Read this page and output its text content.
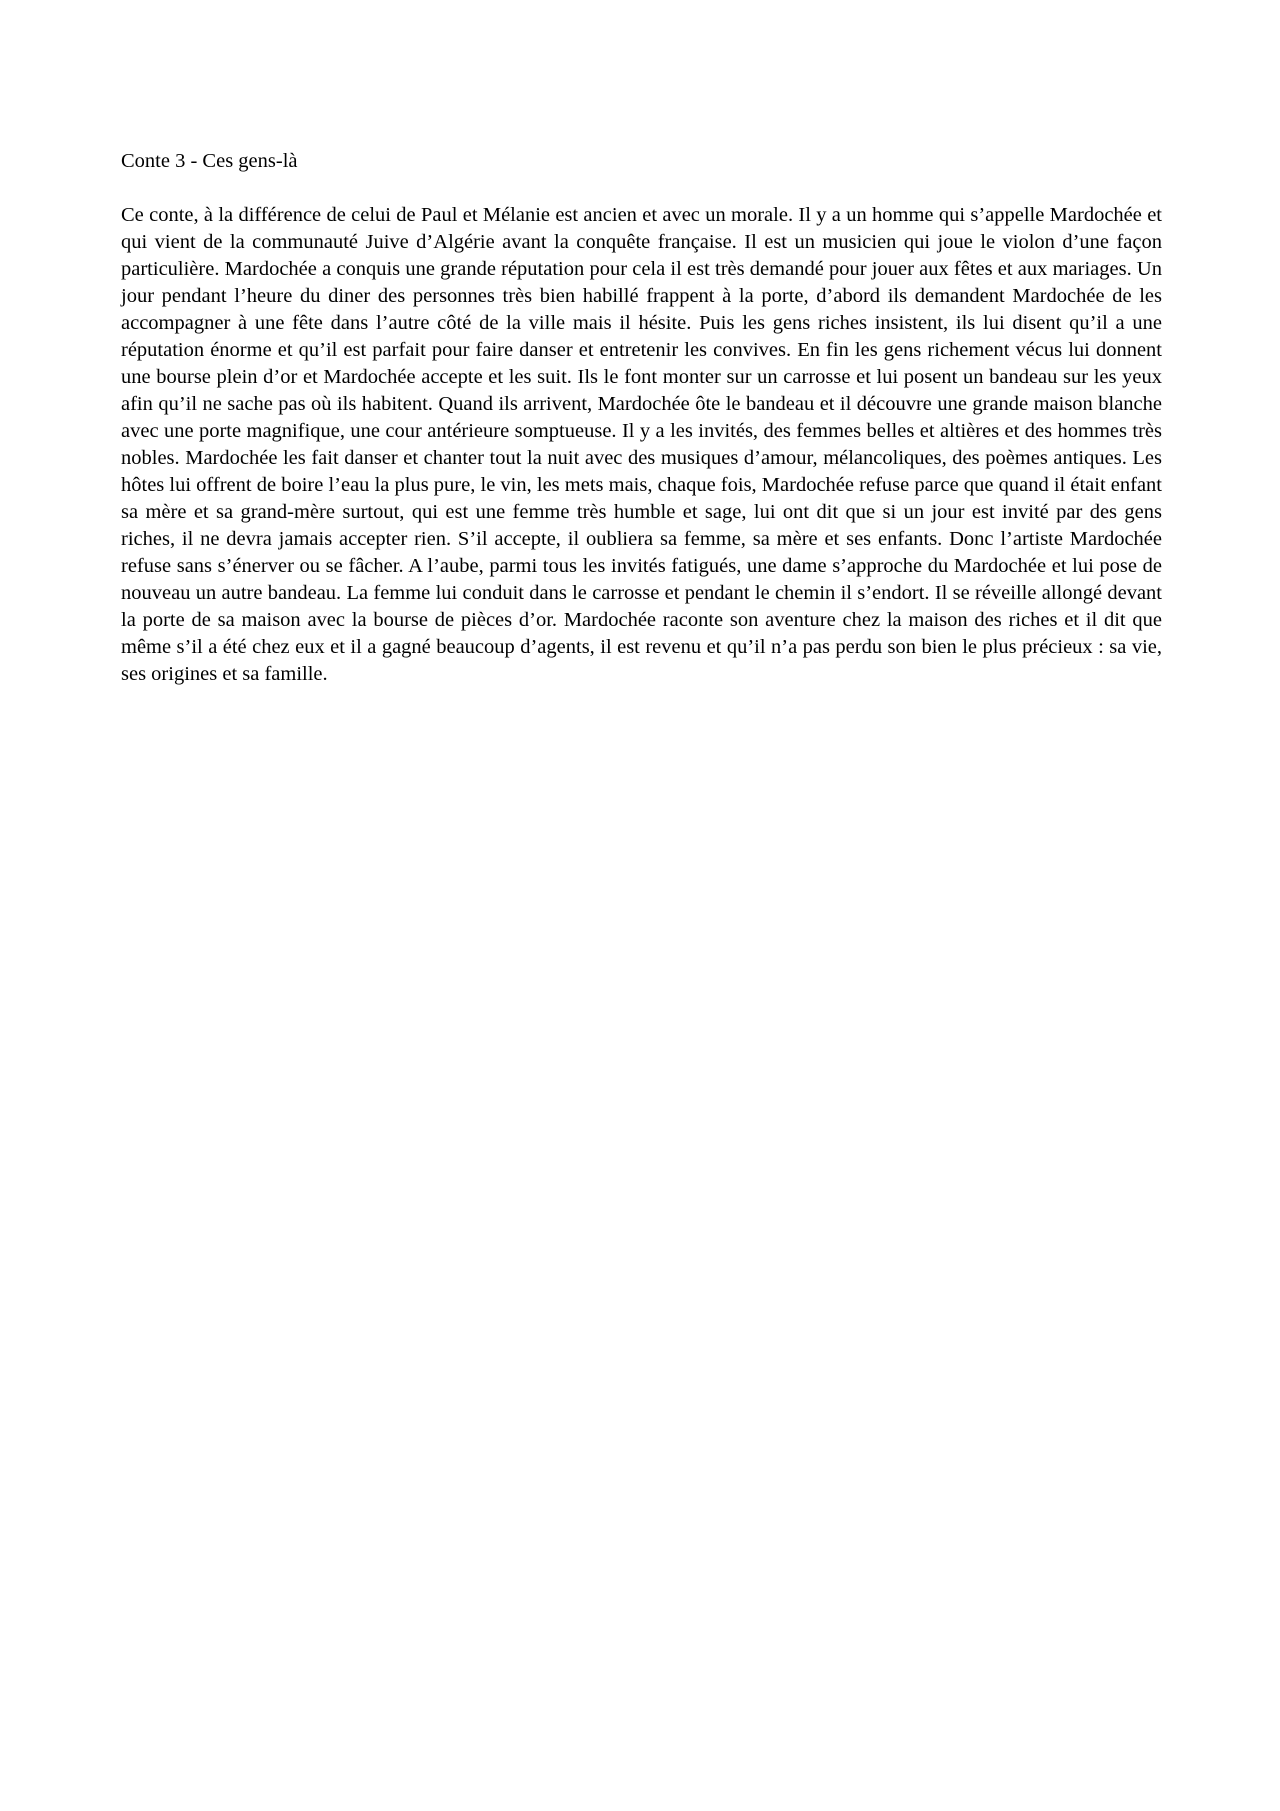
Conte 3 - Ces gens-là

Ce conte, à la différence de celui de Paul et Mélanie est ancien et avec un morale. Il y a un homme qui s’appelle Mardochée et qui vient de la communauté Juive d’Algérie avant la conquête française. Il est un musicien qui joue le violon d’une façon particulière. Mardochée a conquis une grande réputation pour cela il est très demandé pour jouer aux fêtes et aux mariages. Un jour pendant l’heure du diner des personnes très bien habillé frappent à la porte, d’abord ils demandent Mardochée de les accompagner à une fête dans l’autre côté de la ville mais il hésite. Puis les gens riches insistent, ils lui disent qu’il a une réputation énorme et qu’il est parfait pour faire danser et entretenir les convives. En fin les gens richement vécus lui donnent une bourse plein d’or et Mardochée accepte et les suit. Ils le font monter sur un carrosse et lui posent un bandeau sur les yeux afin qu’il ne sache pas où ils habitent. Quand ils arrivent, Mardochée ôte le bandeau et il découvre une grande maison blanche avec une porte magnifique, une cour antérieure somptueuse. Il y a les invités, des femmes belles et altières et des hommes très nobles. Mardochée les fait danser et chanter tout la nuit avec des musiques d’amour, mélancoliques, des poèmes antiques. Les hôtes lui offrent de boire l’eau la plus pure, le vin, les mets mais, chaque fois, Mardochée refuse parce que quand il était enfant sa mère et sa grand-mère surtout, qui est une femme très humble et sage, lui ont dit que si un jour est invité par des gens riches, il ne devra jamais accepter rien. S’il accepte, il oubliera sa femme, sa mère et ses enfants. Donc l’artiste Mardochée refuse sans s’énerver ou se fâcher. A l’aube, parmi tous les invités fatigués, une dame s’approche du Mardochée et lui pose de nouveau un autre bandeau. La femme lui conduit dans le carrosse et pendant le chemin il s’endort. Il se réveille allongé devant la porte de sa maison avec la bourse de pièces d’or. Mardochée raconte son aventure chez la maison des riches et il dit que même s’il a été chez eux et il a gagné beaucoup d’agents, il est revenu et qu’il n’a pas perdu son bien le plus précieux : sa vie, ses origines et sa famille.
